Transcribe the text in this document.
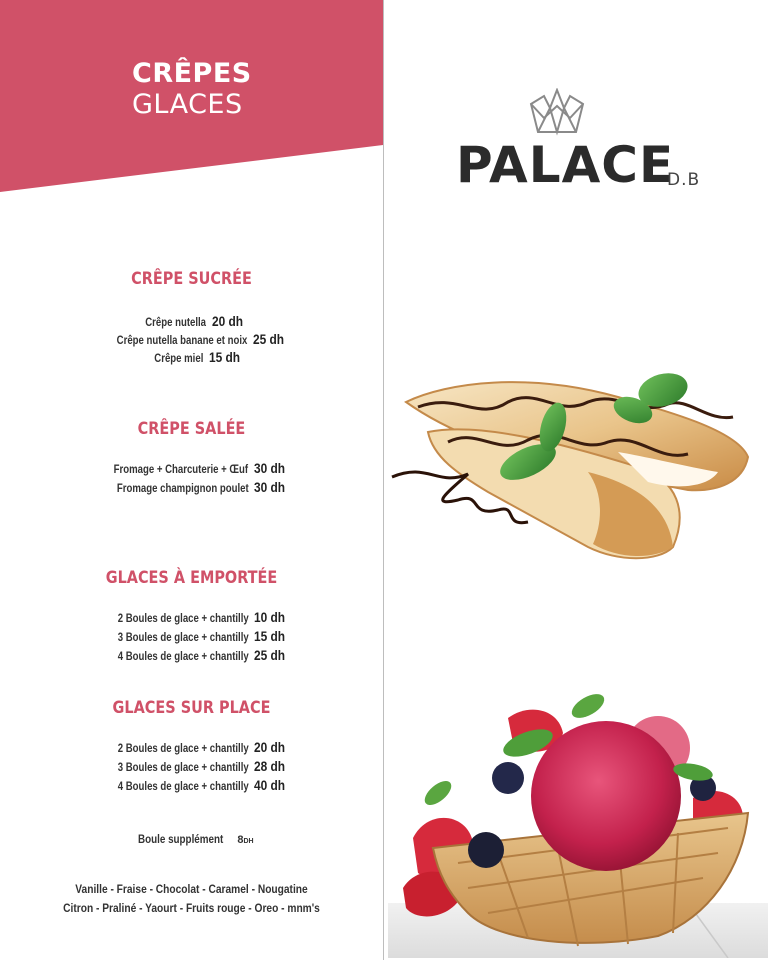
CRÊPES
GLACES
CRÊPE SUCRÉE
Crêpe nutella 20 dh
Crêpe nutella banane et noix 25 dh
Crêpe miel 15 dh
CRÊPE SALÉE
Fromage + Charcuterie + Œuf 30 dh
Fromage champignon poulet 30 dh
GLACES À EMPORTÉE
2 Boules de glace + chantilly 10 dh
3 Boules de glace + chantilly 15 dh
4 Boules de glace + chantilly 25 dh
GLACES SUR PLACE
2 Boules de glace + chantilly 20 dh
3 Boules de glace + chantilly 28 dh
4 Boules de glace + chantilly 40 dh
Boule supplément 8DH
Vanille - Fraise - Chocolat - Caramel - Nougatine
Citron - Praliné - Yaourt - Fruits rouge - Oreo - mnm's
PALACE
D.B
